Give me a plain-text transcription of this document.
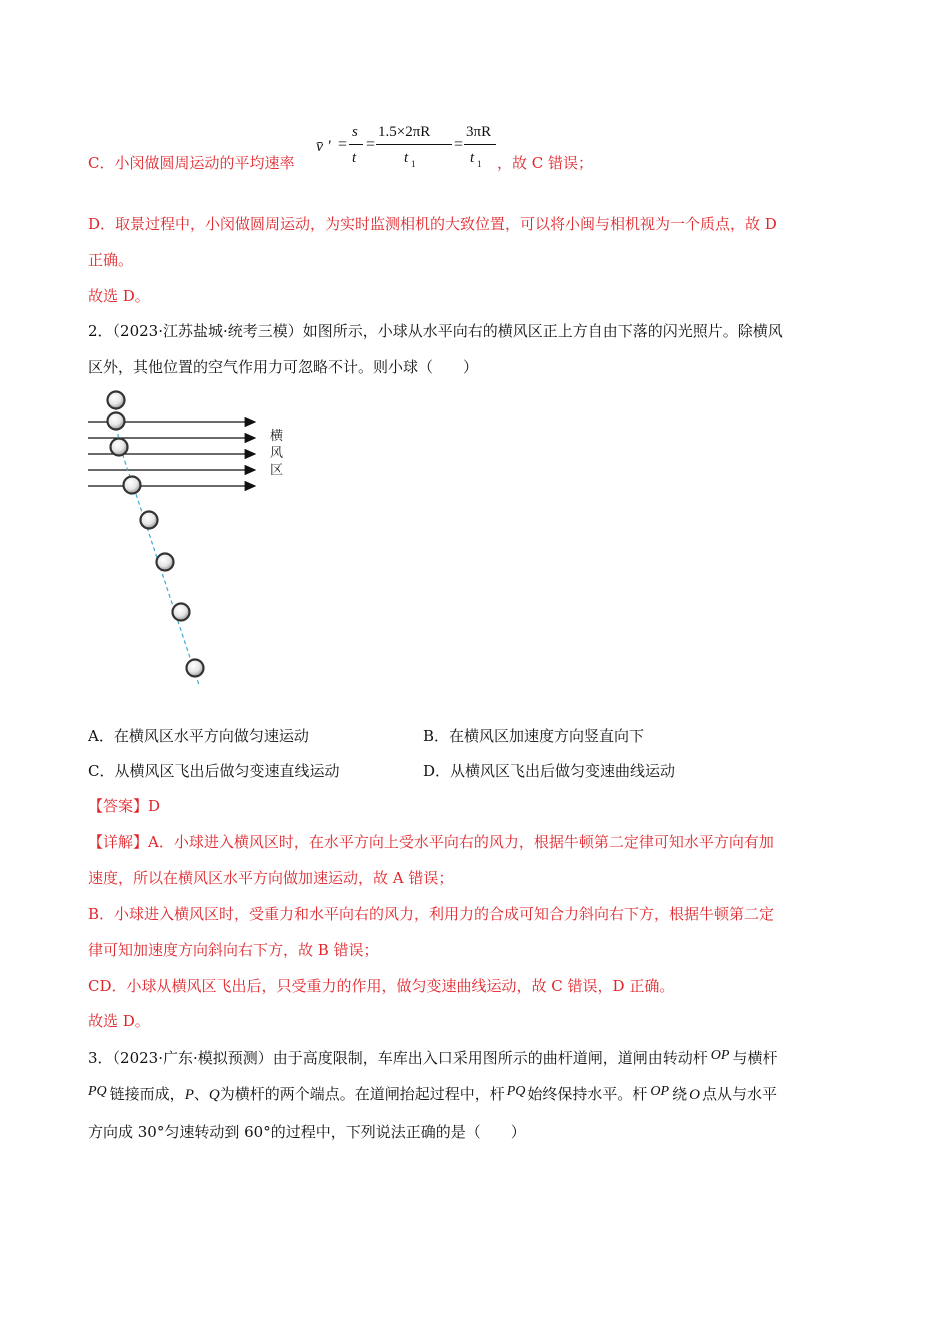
C．小闵做圆周运动的平均速率
v̄ ' =
s
t
=
1.5×2πR
t 1
=
3πR
t 1 ，故 C 错误；
D．取景过程中，小闵做圆周运动，为实时监测相机的大致位置，可以将小闽与相机视为一个质点，故 D
正确。
故选 D。
2．（2023·江苏盐城·统考三模）如图所示，小球从水平向右的横风区正上方自由下落的闪光照片。除横风
区外，其他位置的空气作用力可忽略不计。则小球（　　）
横
风
区
A．在横风区水平方向做匀速运动	B．在横风区加速度方向竖直向下
C．从横风区飞出后做匀变速直线运动	D．从横风区飞出后做匀变速曲线运动
【答案】D
【详解】A．小球进入横风区时，在水平方向上受水平向右的风力，根据牛顿第二定律可知水平方向有加
速度，所以在横风区水平方向做加速运动，故 A 错误；
B．小球进入横风区时，受重力和水平向右的风力，利用力的合成可知合力斜向右下方，根据牛顿第二定
律可知加速度方向斜向右下方，故 B 错误；
CD．小球从横风区飞出后，只受重力的作用，做匀变速曲线运动，故 C 错误，D 正确。
故选 D。
3．（2023·广东·模拟预测）由于高度限制，车库出入口采用图所示的曲杆道闸，道闸由转动杆 OP 与横杆
PQ 链接而成，P、Q为横杆的两个端点。在道闸抬起过程中，杆 PQ 始终保持水平。杆 OP 绕 O 点从与水平
方向成 30°匀速转动到 60°的过程中，下列说法正确的是（　　）
